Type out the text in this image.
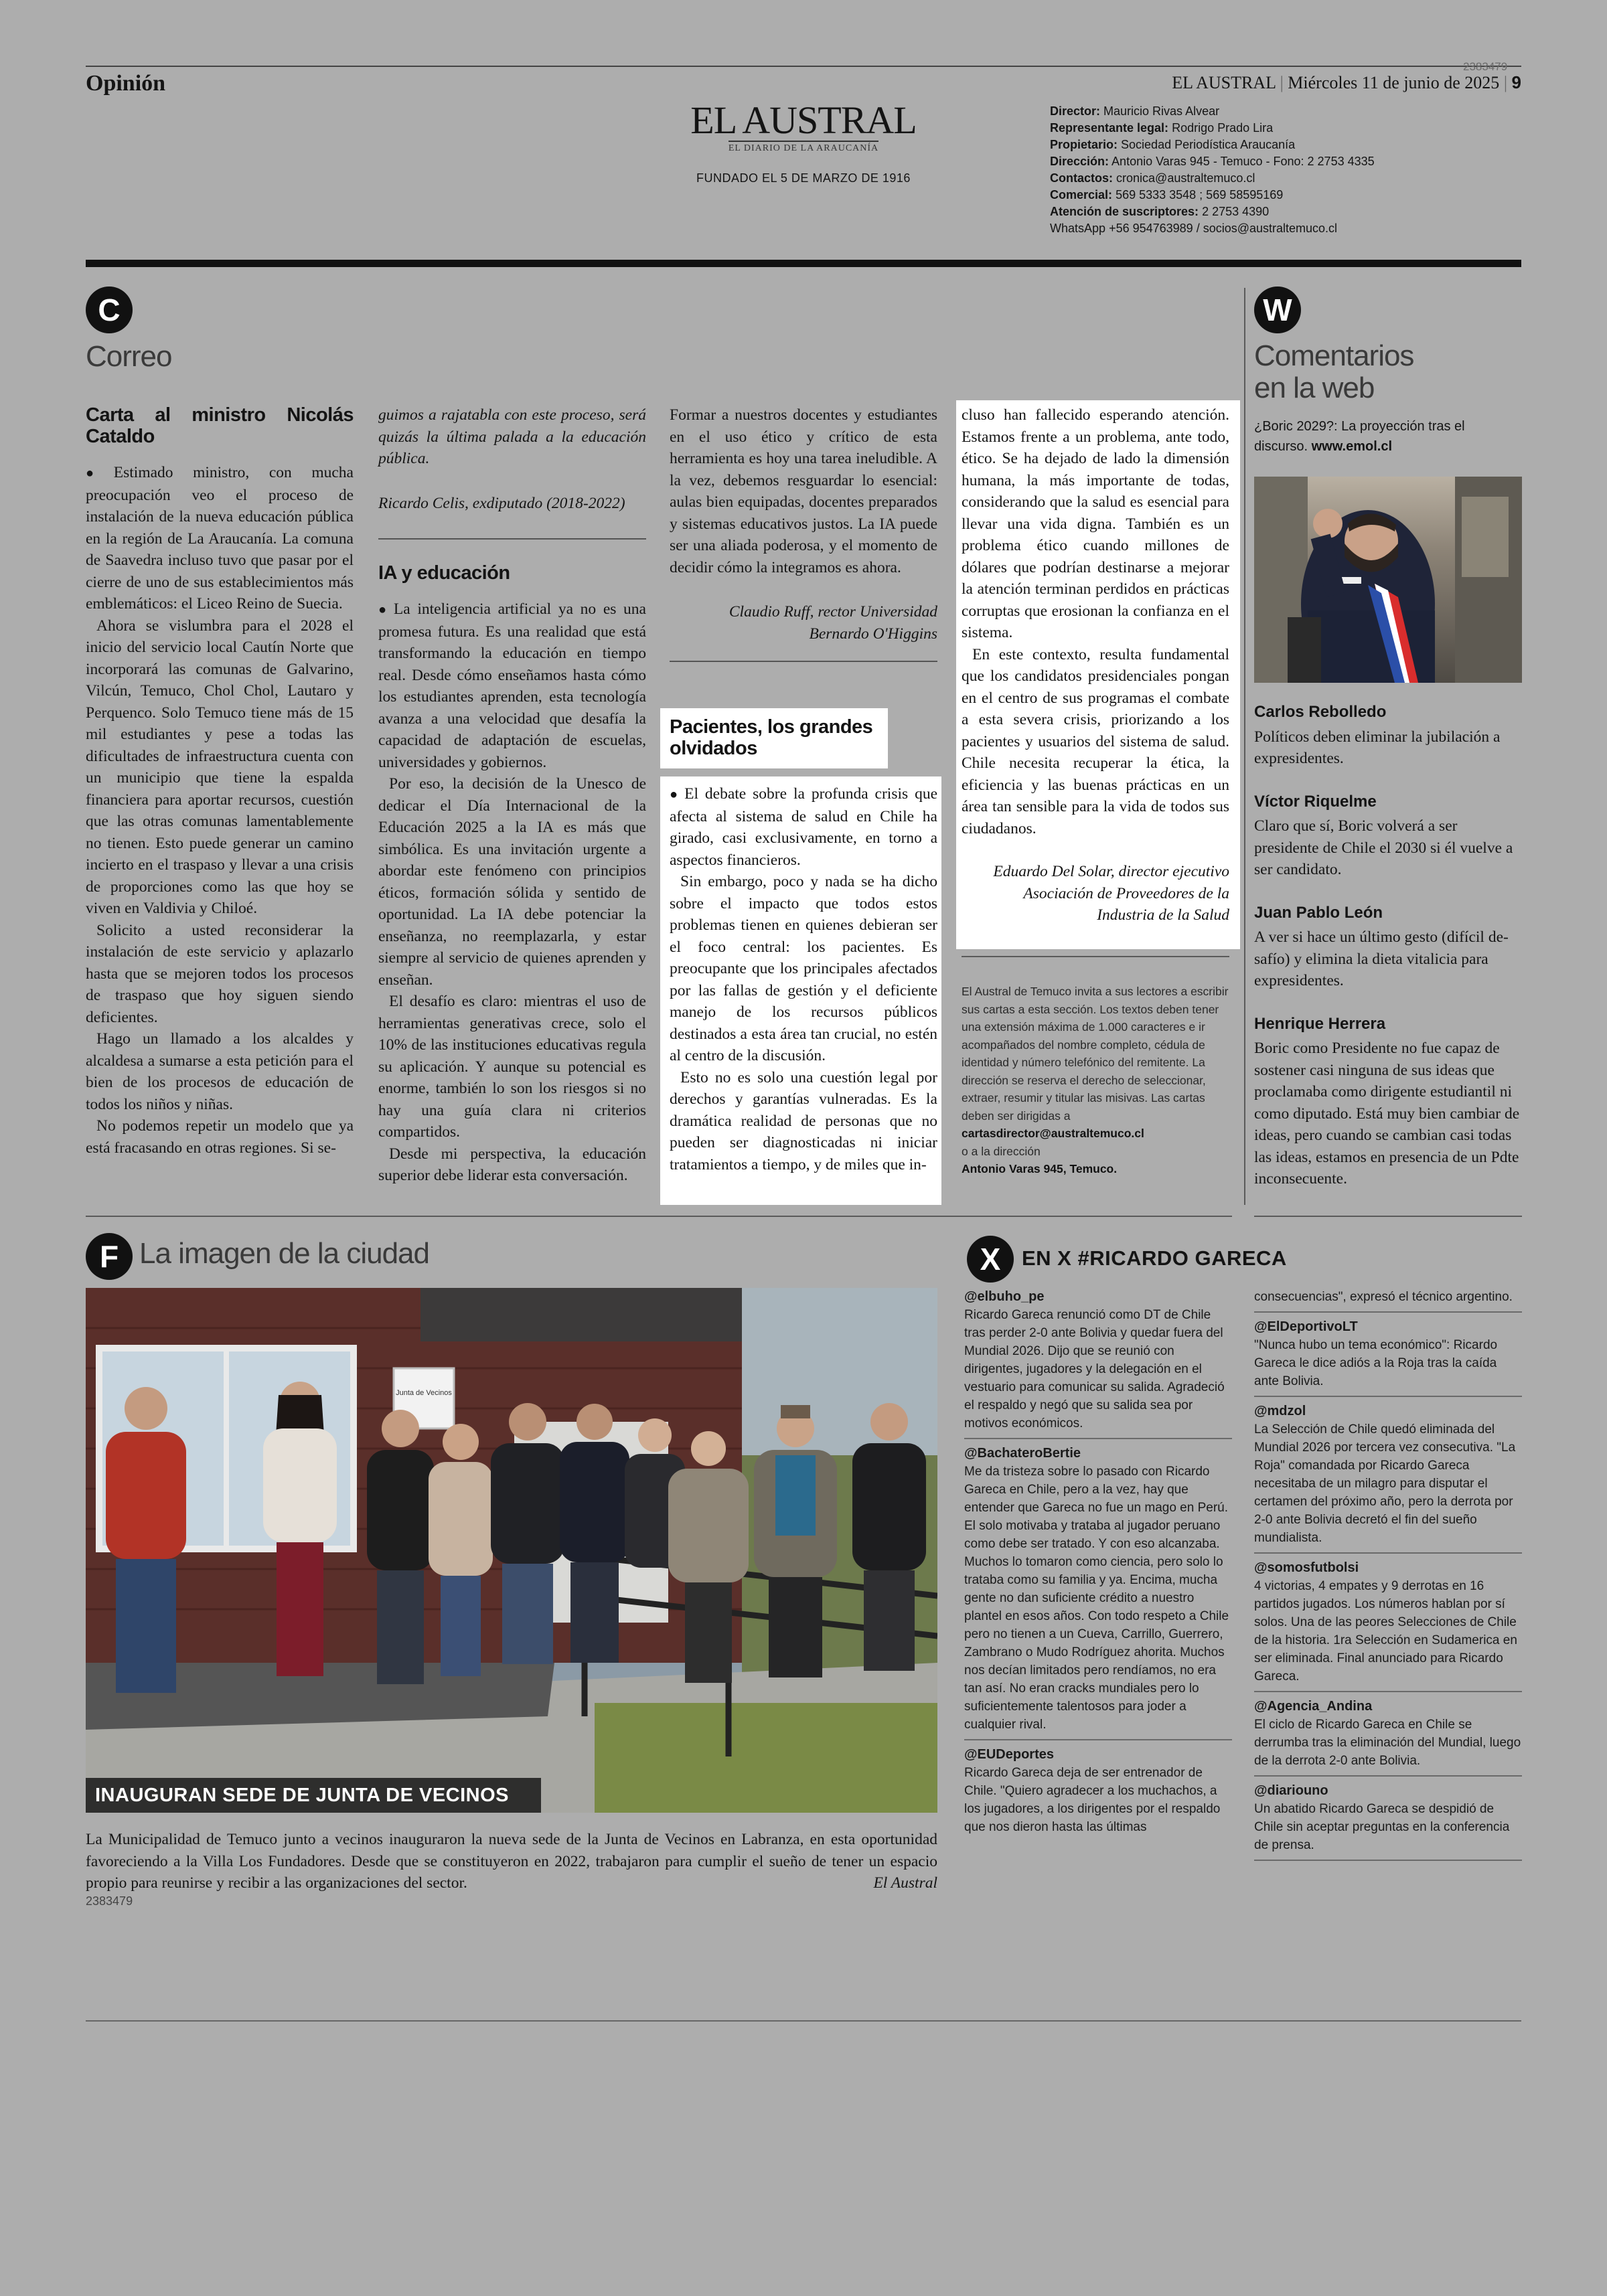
Opinión
2383479
EL AUSTRAL | Miércoles 11 de junio de 2025 | 9
EL AUSTRAL
EL DIARIO DE LA ARAUCANÍA
FUNDADO EL 5 DE MARZO DE 1916
Director: Mauricio Rivas Alvear
Representante legal: Rodrigo Prado Lira
Propietario: Sociedad Periodística Araucanía
Dirección: Antonio Varas 945 - Temuco - Fono: 2 2753 4335
Contactos: cronica@australtemuco.cl
Comercial: 569 5333 3548 ; 569 58595169
Atención de suscriptores: 2 2753 4390
WhatsApp +56 954763989 / socios@australtemuco.cl
C
Correo
Carta al ministro Nicolás Cataldo

● Estimado ministro, con mucha preocupación veo el proceso de instalación de la nueva educación pública en la región de La Araucanía. La comuna de Saavedra incluso tuvo que pasar por el cierre de uno de sus establecimientos más emblemáticos: el Liceo Reino de Suecia.

Ahora se vislumbra para el 2028 el inicio del servicio local Cautín Norte que incorporará las comunas de Galvarino, Vilcún, Temuco, Chol Chol, Lautaro y Perquenco. Solo Temuco tiene más de 15 mil estudiantes y pese a todas las dificultades de infraestructura cuenta con un municipio que tiene la espalda financiera para aportar recursos, cuestión que las otras comunas lamentablemente no tienen. Esto puede generar un camino incierto en el traspaso y llevar a una crisis de proporciones como las que hoy se viven en Valdivia y Chiloé.

Solicito a usted reconsiderar la instalación de este servicio y aplazarlo hasta que se mejoren todos los procesos de traspaso que hoy siguen siendo deficientes.

Hago un llamado a los alcaldes y alcaldesa a sumarse a esta petición para el bien de los procesos de educación de todos los niños y niñas.

No podemos repetir un modelo que ya está fracasando en otras regiones. Si se-

guimos a rajatabla con este proceso, será quizás la última palada a la educación pública.

Ricardo Celis, exdiputado (2018-2022)

IA y educación

● La inteligencia artificial ya no es una promesa futura. Es una realidad que está transformando la educación en tiempo real. Desde cómo enseñamos hasta cómo los estudiantes aprenden, esta tecnología avanza a una velocidad que desafía la capacidad de adaptación de escuelas, universidades y gobiernos.

Por eso, la decisión de la Unesco de dedicar el Día Internacional de la Educación 2025 a la IA es más que simbólica. Es una invitación urgente a abordar este fenómeno con principios éticos, formación sólida y sentido de oportunidad. La IA debe potenciar la enseñanza, no reemplazarla, y estar siempre al servicio de quienes aprenden y enseñan.

El desafío es claro: mientras el uso de herramientas generativas crece, solo el 10% de las instituciones educativas regula su aplicación. Y aunque su potencial es enorme, también lo son los riesgos si no hay una guía clara ni criterios compartidos.

Desde mi perspectiva, la educación superior debe liderar esta conversación.

Formar a nuestros docentes y estudiantes en el uso ético y crítico de esta herramienta es hoy una tarea ineludible. A la vez, debemos resguardar lo esencial: aulas bien equipadas, docentes preparados y sistemas educativos justos. La IA puede ser una aliada poderosa, y el momento de decidir cómo la integramos es ahora.

Claudio Ruff, rector Universidad

Bernardo O'Higgins

Pacientes, los grandes
olvidados

● El debate sobre la profunda crisis que afecta al sistema de salud en Chile ha girado, casi exclusivamente, en torno a aspectos financieros.

Sin embargo, poco y nada se ha dicho sobre el impacto que todos estos problemas tienen en quienes debieran ser el foco central: los pacientes. Es preocupante que los principales afectados por las fallas de gestión y el deficiente manejo de los recursos públicos destinados a esta área tan crucial, no estén al centro de la discusión.

Esto no es solo una cuestión legal por derechos y garantías vulneradas. Es la dramática realidad de personas que no pueden ser diagnosticadas ni iniciar tratamientos a tiempo, y de miles que in-

cluso han fallecido esperando atención. Estamos frente a un problema, ante todo, ético. Se ha dejado de lado la dimensión humana, la más importante de todas, considerando que la salud es esencial para llevar una vida digna. También es un problema ético cuando millones de dólares que podrían destinarse a mejorar la atención terminan perdidos en prácticas corruptas que erosionan la confianza en el sistema.

En este contexto, resulta fundamental que los candidatos presidenciales pongan en el centro de sus programas el combate a esta severa crisis, priorizando a los pacientes y usuarios del sistema de salud. Chile necesita recuperar la ética, la eficiencia y las buenas prácticas en un área tan sensible para la vida de todos sus ciudadanos.

Eduardo Del Solar, director ejecutivo

Asociación de Proveedores de la

Industria de la Salud

El Austral de Temuco invita a sus lectores a escribir sus cartas a esta sección. Los textos deben tener una extensión máxima de 1.000 caracteres e ir acompañados del nombre completo, cédula de identidad y número telefónico del remitente. La dirección se reserva el derecho de seleccionar, extraer, resumir y titular las misivas. Las cartas deben ser dirigidas a
cartasdirector@australtemuco.cl
o a la dirección
Antonio Varas 945, Temuco.
W
Comentarios
en la web
¿Boric 2029?: La proyección tras el discurso. www.emol.cl
Carlos Rebolledo
Políticos deben eliminar la jubilación a expresidentes.
Víctor Riquelme
Claro que sí, Boric volverá a ser presidente de Chile el 2030 si él vuelve a ser candidato.
Juan Pablo León
A ver si hace un último gesto (difícil de-safío) y elimina la dieta vitalicia para expresidentes.
Henrique Herrera
Boric como Presidente no fue capaz de sostener casi ninguna de sus ideas que proclamaba como dirigente estudiantil ni como diputado. Está muy bien cambiar de ideas, pero cuando se cambian casi todas las ideas, estamos en presencia de un Pdte inconsecuente.
F La imagen de la ciudad
Junta de Vecinos
INAUGURAN SEDE DE JUNTA DE VECINOS
La Municipalidad de Temuco junto a vecinos inauguraron la nueva sede de la Junta de Vecinos en Labranza, en esta oportunidad favoreciendo a la Villa Los Fundadores. Desde que se constituyeron en 2022, trabajaron para cumplir el sueño de tener un espacio propio para reunirse y recibir a las organizaciones del sector.	El Austral
2383479
X	EN X #RICARDO GARECA
@elbuho_pe
Ricardo Gareca renunció como DT de Chile tras perder 2-0 ante Bolivia y quedar fuera del Mundial 2026. Dijo que se reunió con dirigentes, jugadores y la delegación en el vestuario para comunicar su salida. Agradeció el respaldo y negó que su salida sea por motivos económicos.
@BachateroBertie
Me da tristeza sobre lo pasado con Ricardo Gareca en Chile, pero a la vez, hay que entender que Gareca no fue un mago en Perú. El solo motivaba y trataba al jugador peruano como debe ser tratado. Y con eso alcanzaba. Muchos lo tomaron como ciencia, pero solo lo trataba como su familia y ya. Encima, mucha gente no dan suficiente crédito a nuestro plantel en esos años. Con todo respeto a Chile pero no tienen a un Cueva, Carrillo, Guerrero, Zambrano o Mudo Rodríguez ahorita. Muchos nos decían limitados pero rendíamos, no era tan así. No eran cracks mundiales pero lo suficientemente talentosos para joder a cualquier rival.
@EUDeportes
Ricardo Gareca deja de ser entrenador de Chile. "Quiero agradecer a los muchachos, a los jugadores, a los dirigentes por el respaldo que nos dieron hasta las últimas
consecuencias", expresó el técnico argentino.
@ElDeportivoLT
"Nunca hubo un tema económico": Ricardo Gareca le dice adiós a la Roja tras la caída ante Bolivia.
@mdzol
La Selección de Chile quedó eliminada del Mundial 2026 por tercera vez consecutiva. "La Roja" comandada por Ricardo Gareca necesitaba de un milagro para disputar el certamen del próximo año, pero la derrota por 2-0 ante Bolivia decretó el fin del sueño mundialista.
@somosfutbolsi
4 victorias, 4 empates y 9 derrotas en 16 partidos jugados. Los números hablan por sí solos. Una de las peores Selecciones de Chile de la historia. 1ra Selección en Sudamerica en ser eliminada. Final anunciado para Ricardo Gareca.
@Agencia_Andina
El ciclo de Ricardo Gareca en Chile se derrumba tras la eliminación del Mundial, luego de la derrota 2-0 ante Bolivia.
@diariouno
Un abatido Ricardo Gareca se despidió de Chile sin aceptar preguntas en la conferencia de prensa.
